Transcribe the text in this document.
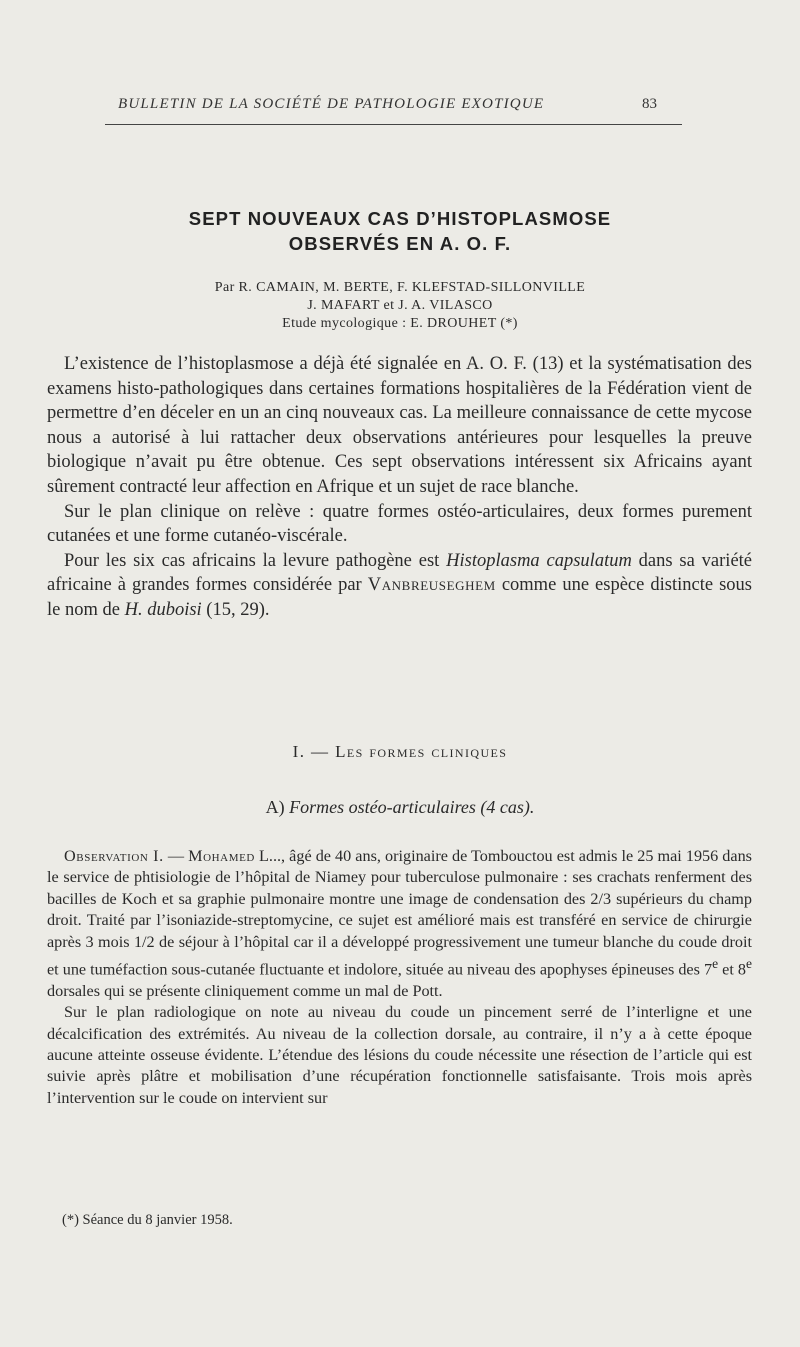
BULLETIN DE LA SOCIÉTÉ DE PATHOLOGIE EXOTIQUE	83
SEPT NOUVEAUX CAS D’HISTOPLASMOSE
OBSERVÉS EN A. O. F.
Par R. CAMAIN, M. BERTE, F. KLEFSTAD-SILLONVILLE
J. MAFART et J. A. VILASCO
Etude mycologique : E. DROUHET (*)

L’existence de l’histoplasmose a déjà été signalée en A. O. F. (13) et la systématisation des examens histo-pathologiques dans certaines formations hospitalières de la Fédération vient de permettre d’en déceler en un an cinq nouveaux cas. La meilleure connaissance de cette mycose nous a autorisé à lui rattacher deux observations antérieures pour lesquelles la preuve biologique n’avait pu être obtenue. Ces sept observations intéressent six Africains ayant sûrement contracté leur affection en Afrique et un sujet de race blanche.

Sur le plan clinique on relève : quatre formes ostéo-articulaires, deux formes purement cutanées et une forme cutanéo-viscérale.

Pour les six cas africains la levure pathogène est Histoplasma capsulatum dans sa variété africaine à grandes formes considérée par Vanbreuseghem comme une espèce distincte sous le nom de H. duboisi (15, 29).

I. — Les formes cliniques
A) Formes ostéo-articulaires (4 cas).

Observation I. — Mohamed L..., âgé de 40 ans, originaire de Tombouctou est admis le 25 mai 1956 dans le service de phtisiologie de l’hôpital de Niamey pour tuberculose pulmonaire : ses crachats renferment des bacilles de Koch et sa graphie pulmonaire montre une image de condensation des 2/3 supérieurs du champ droit. Traité par l’isoniazide-streptomycine, ce sujet est amélioré mais est transféré en service de chirurgie après 3 mois 1/2 de séjour à l’hôpital car il a développé progressivement une tumeur blanche du coude droit et une tuméfaction sous-cutanée fluctuante et indolore, située au niveau des apophyses épineuses des 7e et 8e dorsales qui se présente cliniquement comme un mal de Pott.

Sur le plan radiologique on note au niveau du coude un pincement serré de l’interligne et une décalcification des extrémités. Au niveau de la collection dorsale, au contraire, il n’y a à cette époque aucune atteinte osseuse évidente. L’étendue des lésions du coude nécessite une résection de l’article qui est suivie après plâtre et mobilisation d’une récupération fonctionnelle satisfaisante. Trois mois après l’intervention sur le coude on intervient sur

(*) Séance du 8 janvier 1958.
